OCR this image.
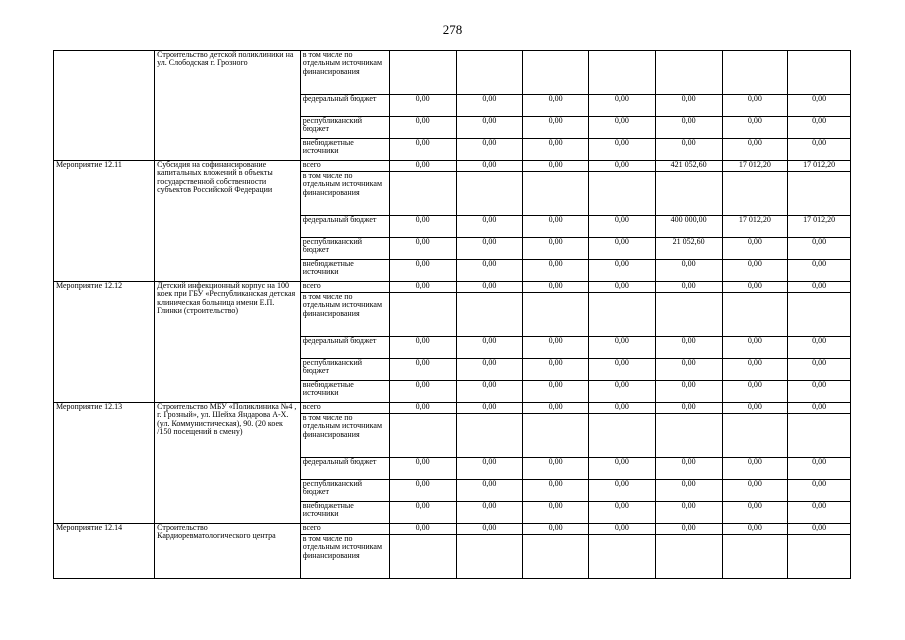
278
	Строительство детской поликлиники на ул. Слободская г. Грозного	в том числе по отдельным источникам финансирования							
		федеральный бюджет	0,00	0,00	0,00	0,00	0,00	0,00	0,00
		республиканский бюджет	0,00	0,00	0,00	0,00	0,00	0,00	0,00
		внебюджетные источники	0,00	0,00	0,00	0,00	0,00	0,00	0,00
Мероприятие 12.11	Субсидия на софинансирование капитальных вложений в объекты государственной собственности субъектов Российской Федерации	всего	0,00	0,00	0,00	0,00	421 052,60	17 012,20	17 012,20
		в том числе по отдельным источникам финансирования							
		федеральный бюджет	0,00	0,00	0,00	0,00	400 000,00	17 012,20	17 012,20
		республиканский бюджет	0,00	0,00	0,00	0,00	21 052,60	0,00	0,00
		внебюджетные источники	0,00	0,00	0,00	0,00	0,00	0,00	0,00
Мероприятие 12.12	Детский инфекционный корпус на 100 коек при ГБУ «Республиканская детская клиническая больница имени Е.П. Глинки (строительство)	всего	0,00	0,00	0,00	0,00	0,00	0,00	0,00
		в том числе по отдельным источникам финансирования							
		федеральный бюджет	0,00	0,00	0,00	0,00	0,00	0,00	0,00
		республиканский бюджет	0,00	0,00	0,00	0,00	0,00	0,00	0,00
		внебюджетные источники	0,00	0,00	0,00	0,00	0,00	0,00	0,00
Мероприятие 12.13	Строительство МБУ «Поликлиника №4 , г. Грозный», ул. Шейха Яндарова А-Х. (ул. Коммунистическая), 90. (20 коек /150 посещений в смену)	всего	0,00	0,00	0,00	0,00	0,00	0,00	0,00
		в том числе по отдельным источникам финансирования							
		федеральный бюджет	0,00	0,00	0,00	0,00	0,00	0,00	0,00
		республиканский бюджет	0,00	0,00	0,00	0,00	0,00	0,00	0,00
		внебюджетные источники	0,00	0,00	0,00	0,00	0,00	0,00	0,00
Мероприятие 12.14	Строительство Кардиоревматологического центра	всего	0,00	0,00	0,00	0,00	0,00	0,00	0,00
		в том числе по отдельным источникам финансирования							
